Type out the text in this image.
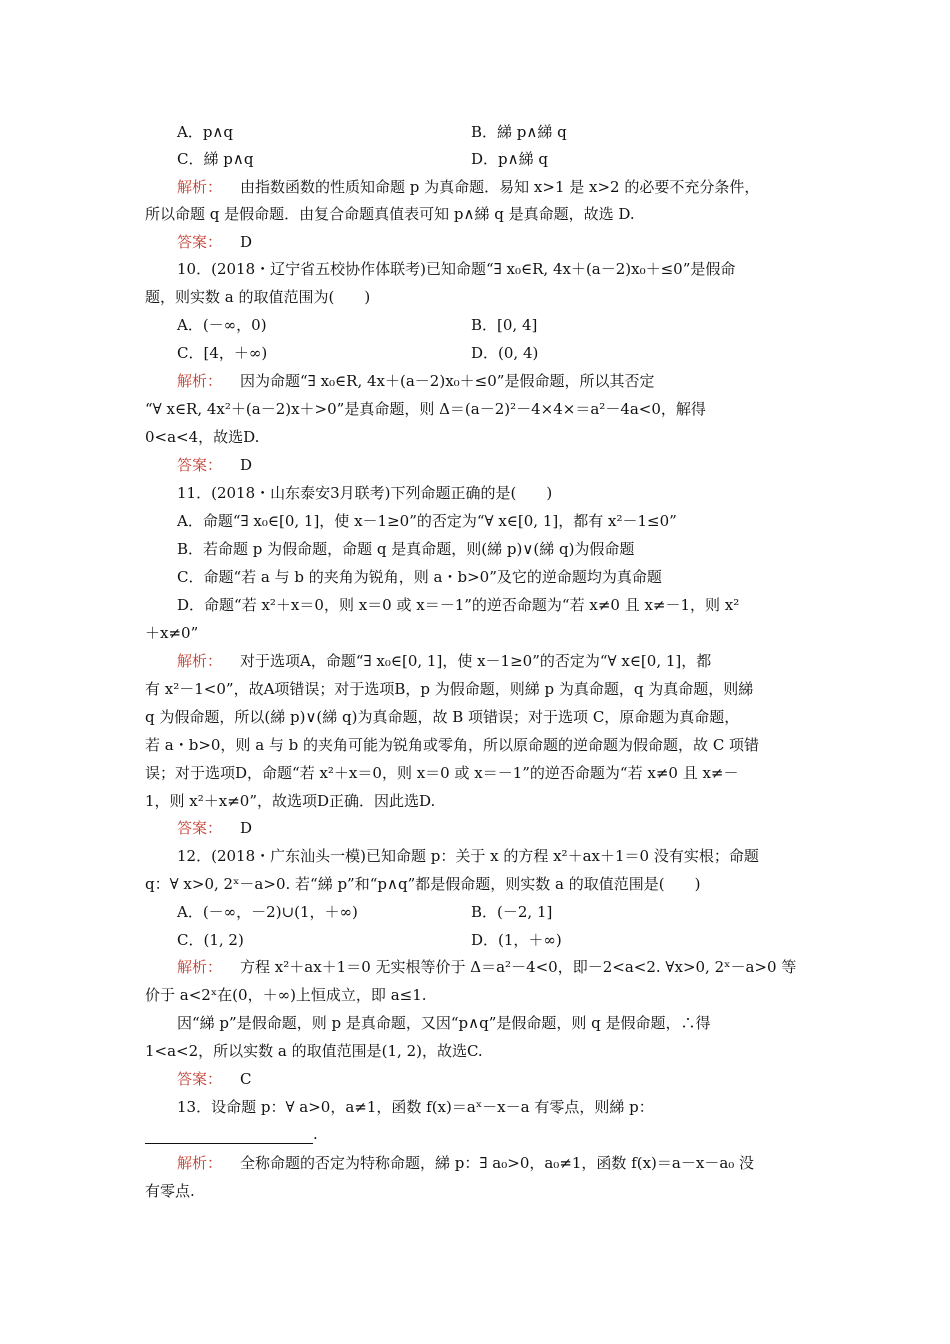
A．p∧q	B．綈 p∧綈 q
C．綈 p∧q	D．p∧綈 q
解析： 由指数函数的性质知命题 p 为真命题．易知 x>1 是 x>2 的必要不充分条件，
所以命题 q 是假命题．由复合命题真值表可知 p∧綈 q 是真命题，故选 D.
答案： D
10．(2018・辽宁省五校协作体联考)已知命题“∃ x₀∈R, 4x＋(a－2)x₀＋≤0”是假命
题，则实数 a 的取值范围为(　　)
A．(－∞，0)	B．[0, 4]
C．[4，＋∞)	D．(0, 4)
解析： 因为命题“∃ x₀∈R, 4x＋(a－2)x₀＋≤0”是假命题，所以其否定
“∀ x∈R, 4x²＋(a－2)x＋>0”是真命题，则 Δ＝(a－2)²－4×4×＝a²－4a<0，解得
0<a<4，故选D.
答案： D
11．(2018・山东泰安3月联考)下列命题正确的是(　　)
A．命题“∃ x₀∈[0, 1]，使 x－1≥0”的否定为“∀ x∈[0, 1]，都有 x²－1≤0”
B．若命题 p 为假命题，命题 q 是真命题，则(綈 p)∨(綈 q)为假命题
C．命题“若 a 与 b 的夹角为锐角，则 a・b>0”及它的逆命题均为真命题
D．命题“若 x²＋x＝0，则 x＝0 或 x＝－1”的逆否命题为“若 x≠0 且 x≠－1，则 x²
＋x≠0”
解析： 对于选项A，命题“∃ x₀∈[0, 1]，使 x－1≥0”的否定为“∀ x∈[0, 1]，都
有 x²－1<0”，故A项错误；对于选项B，p 为假命题，则綈 p 为真命题，q 为真命题，则綈
q 为假命题，所以(綈 p)∨(綈 q)为真命题，故 B 项错误；对于选项 C，原命题为真命题，
若 a・b>0，则 a 与 b 的夹角可能为锐角或零角，所以原命题的逆命题为假命题，故 C 项错
误；对于选项D，命题“若 x²＋x＝0，则 x＝0 或 x＝－1”的逆否命题为“若 x≠0 且 x≠－
1，则 x²＋x≠0”，故选项D正确．因此选D.
答案： D
12．(2018・广东汕头一模)已知命题 p：关于 x 的方程 x²＋ax＋1＝0 没有实根；命题
q：∀ x>0, 2ˣ－a>0. 若“綈 p”和“p∧q”都是假命题，则实数 a 的取值范围是(　　)
A．(－∞，－2)∪(1，＋∞)	B．(－2, 1]
C．(1, 2)	D．(1，＋∞)
解析： 方程 x²＋ax＋1＝0 无实根等价于 Δ＝a²－4<0，即－2<a<2. ∀x>0, 2ˣ－a>0 等
价于 a<2ˣ在(0，＋∞)上恒成立，即 a≤1.
因“綈 p”是假命题，则 p 是真命题，又因“p∧q”是假命题，则 q 是假命题，∴得
1<a<2，所以实数 a 的取值范围是(1, 2)，故选C.
答案： C
13．设命题 p：∀ a>0，a≠1，函数 f(x)＝aˣ－x－a 有零点，则綈 p：
.
解析： 全称命题的否定为特称命题，綈 p：∃ a₀>0，a₀≠1，函数 f(x)＝a－x－a₀ 没
有零点.
